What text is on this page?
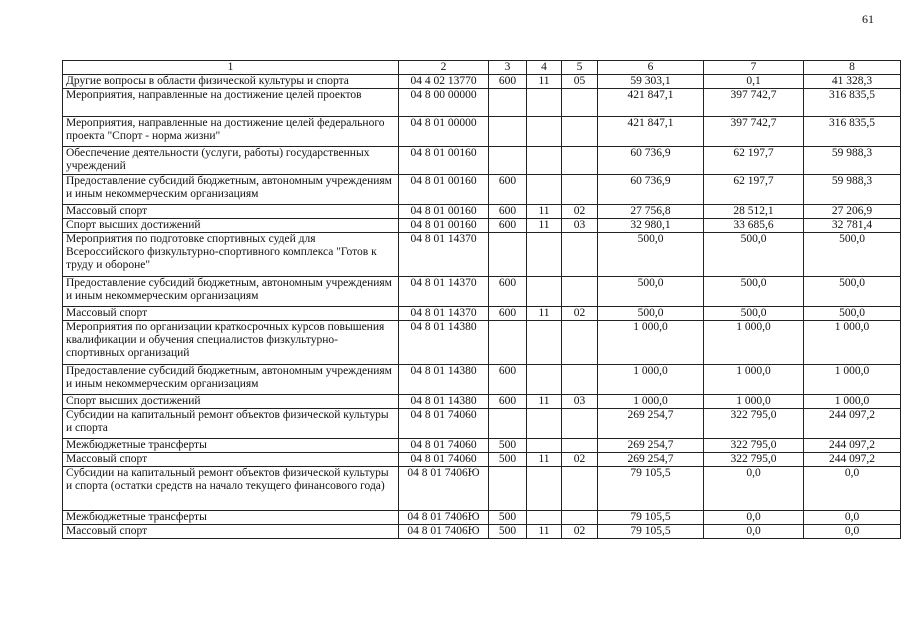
61
1	2	3	4	5	6	7	8
Другие вопросы в области физической культуры и спорта	04 4 02 13770	600	11	05	59 303,1	0,1	41 328,3
Мероприятия, направленные на достижение целей проектов	04 8 00 00000				421 847,1	397 742,7	316 835,5
Мероприятия, направленные на достижение целей федерального проекта "Спорт - норма жизни"	04 8 01 00000				421 847,1	397 742,7	316 835,5
Обеспечение деятельности (услуги, работы) государственных учреждений	04 8 01 00160				60 736,9	62 197,7	59 988,3
Предоставление субсидий бюджетным, автономным учреждениям и иным некоммерческим организациям	04 8 01 00160	600			60 736,9	62 197,7	59 988,3
Массовый спорт	04 8 01 00160	600	11	02	27 756,8	28 512,1	27 206,9
Спорт высших достижений	04 8 01 00160	600	11	03	32 980,1	33 685,6	32 781,4
Мероприятия по подготовке спортивных судей для Всероссийского физкультурно-спортивного комплекса "Готов к труду и обороне"	04 8 01 14370				500,0	500,0	500,0
Предоставление субсидий бюджетным, автономным учреждениям и иным некоммерческим организациям	04 8 01 14370	600			500,0	500,0	500,0
Массовый спорт	04 8 01 14370	600	11	02	500,0	500,0	500,0
Мероприятия по организации краткосрочных курсов повышения квалификации и обучения специалистов физкультурно-спортивных организаций	04 8 01 14380				1 000,0	1 000,0	1 000,0
Предоставление субсидий бюджетным, автономным учреждениям и иным некоммерческим организациям	04 8 01 14380	600			1 000,0	1 000,0	1 000,0
Спорт высших достижений	04 8 01 14380	600	11	03	1 000,0	1 000,0	1 000,0
Субсидии на капитальный ремонт объектов физической культуры и спорта	04 8 01 74060				269 254,7	322 795,0	244 097,2
Межбюджетные трансферты	04 8 01 74060	500			269 254,7	322 795,0	244 097,2
Массовый спорт	04 8 01 74060	500	11	02	269 254,7	322 795,0	244 097,2
Субсидии на капитальный ремонт объектов физической культуры и спорта (остатки средств на начало текущего финансового года)	04 8 01 7406Ю				79 105,5	0,0	0,0
Межбюджетные трансферты	04 8 01 7406Ю	500			79 105,5	0,0	0,0
Массовый спорт	04 8 01 7406Ю	500	11	02	79 105,5	0,0	0,0
